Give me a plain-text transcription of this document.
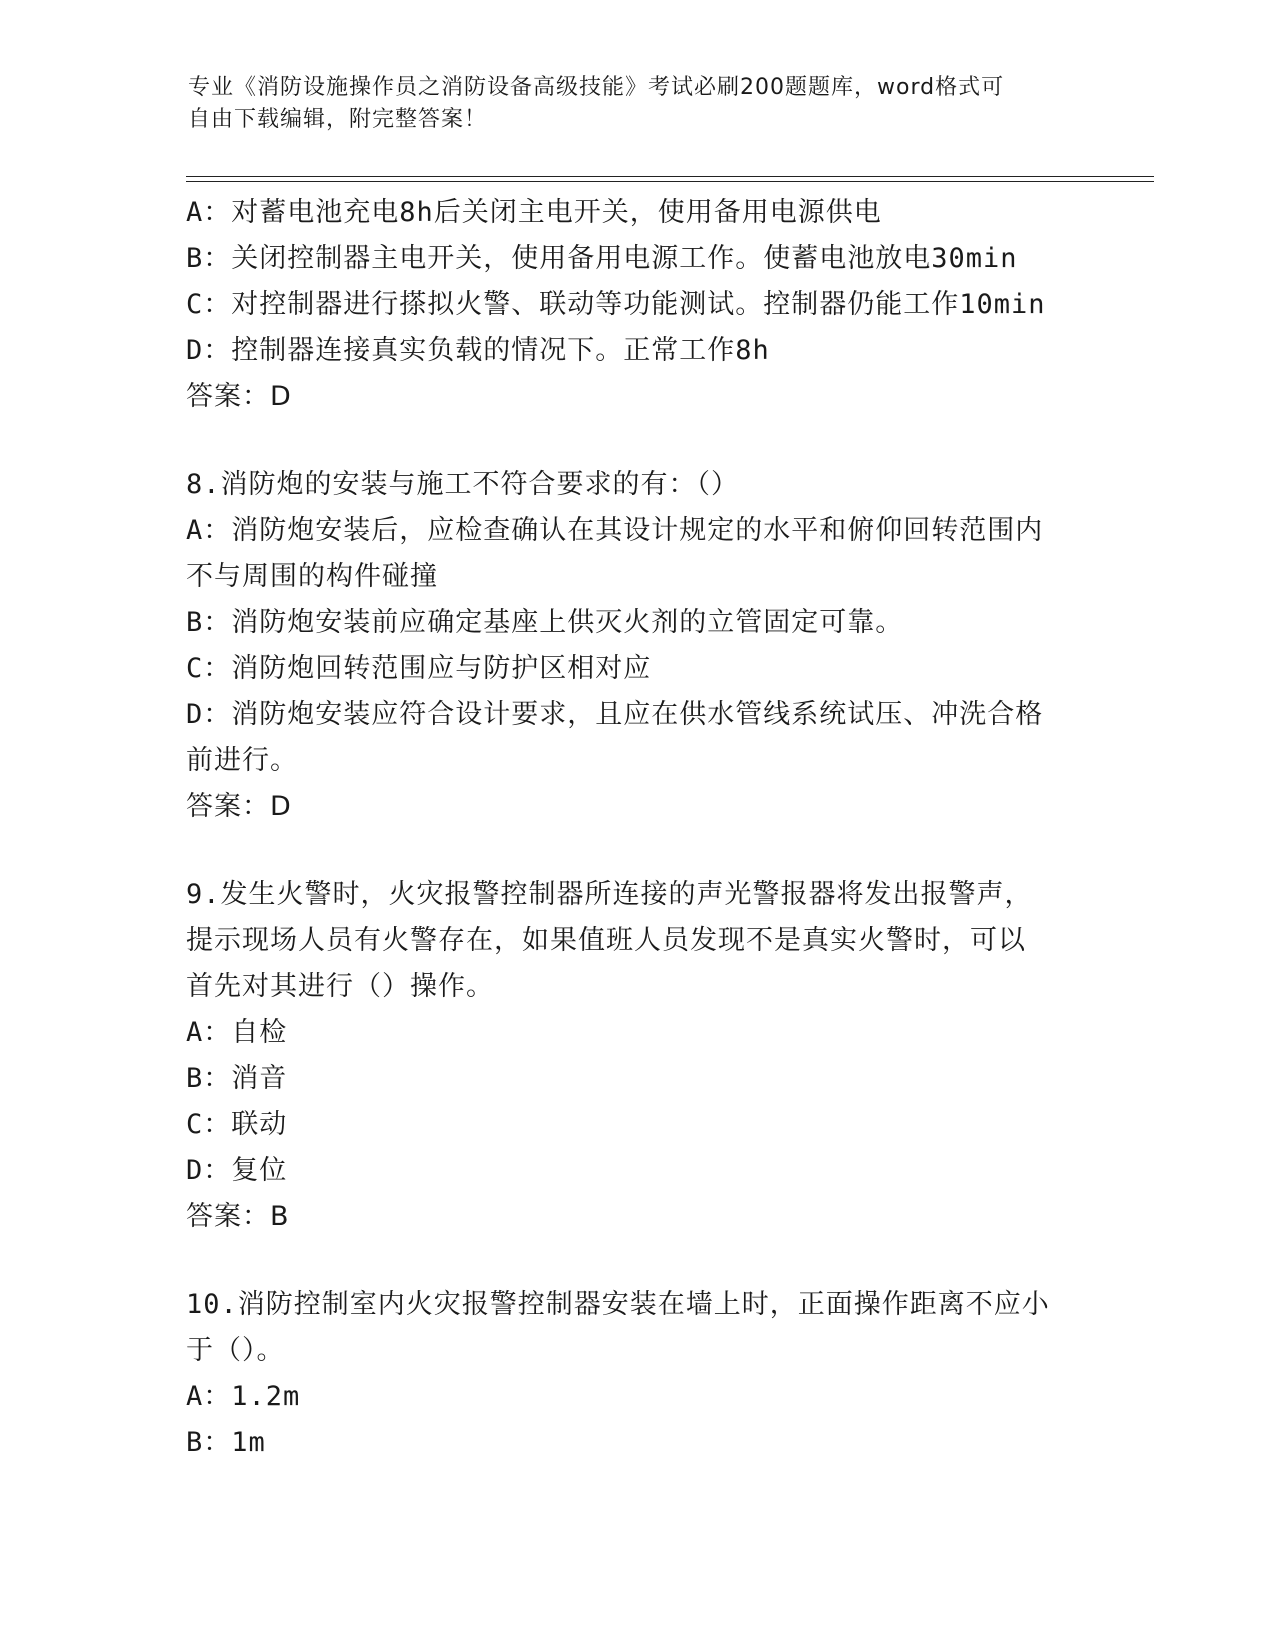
专业《消防设施操作员之消防设备高级技能》考试必刷200题题库，word格式可
自由下载编辑，附完整答案！
A：对蓄电池充电8h后关闭主电开关，使用备用电源供电
B：关闭控制器主电开关，使用备用电源工作。使蓄电池放电30min
C：对控制器进行搽拟火警、联动等功能测试。控制器仍能工作10min
D：控制器连接真实负载的情况下。正常工作8h
答案：D
8.消防炮的安装与施工不符合要求的有：（）
A：消防炮安装后，应检查确认在其设计规定的水平和俯仰回转范围内
不与周围的构件碰撞
B：消防炮安装前应确定基座上供灭火剂的立管固定可靠。
C：消防炮回转范围应与防护区相对应
D：消防炮安装应符合设计要求，且应在供水管线系统试压、冲洗合格
前进行。
答案：D
9.发生火警时，火灾报警控制器所连接的声光警报器将发出报警声，
提示现场人员有火警存在，如果值班人员发现不是真实火警时，可以
首先对其进行（）操作。
A：自检
B：消音
C：联动
D：复位
答案：B
10.消防控制室内火灾报警控制器安装在墙上时，正面操作距离不应小
于（）。
A：1.2m
B：1m
